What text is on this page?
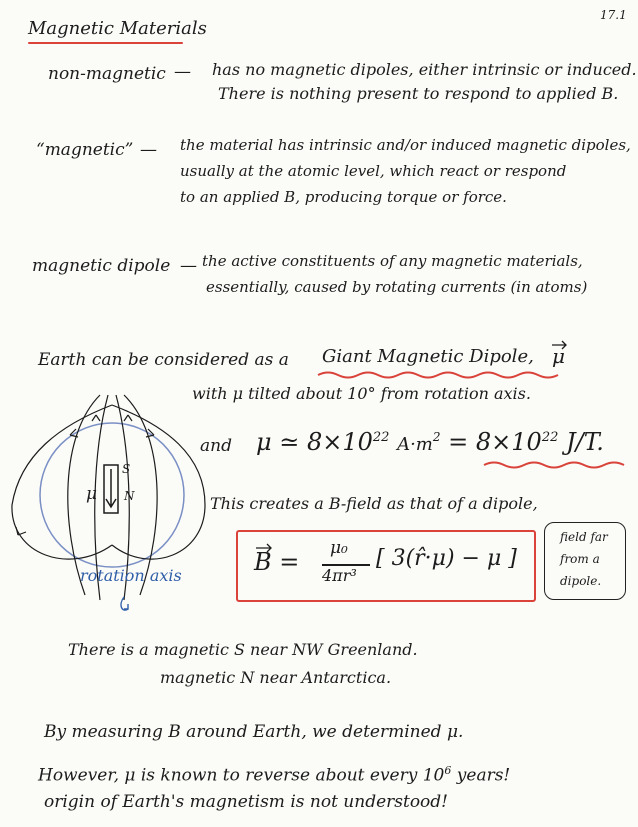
17.1
Magnetic Materials
non-magnetic — has no magnetic dipoles, either intrinsic or induced.
There is nothing present to respond to applied B.
“magnetic” — the material has intrinsic and/or induced magnetic dipoles,
usually at the atomic level, which react or respond
to an applied B, producing torque or force.
magnetic dipole — the active constituents of any magnetic materials,
essentially, caused by rotating currents (in atoms)
Earth can be considered as a Giant Magnetic Dipole, μ
with μ tilted about 10° from rotation axis.
and μ ≃ $8\times 10^{22}$ $A\cdot m^2 = 8\times 10^{22}$ J/T.
This creates a B-field as that of a dipole,
B = μ₀
4πr³
[ 3(r̂·μ) − μ ]
field far
from a
dipole.
S
N
μ
rotation axis
There is a magnetic S near NW Greenland.
magnetic N near Antarctica.
By measuring B around Earth, we determined μ.
However, μ is known to reverse about every $10^6$ years!
origin of Earth's magnetism is not understood!
